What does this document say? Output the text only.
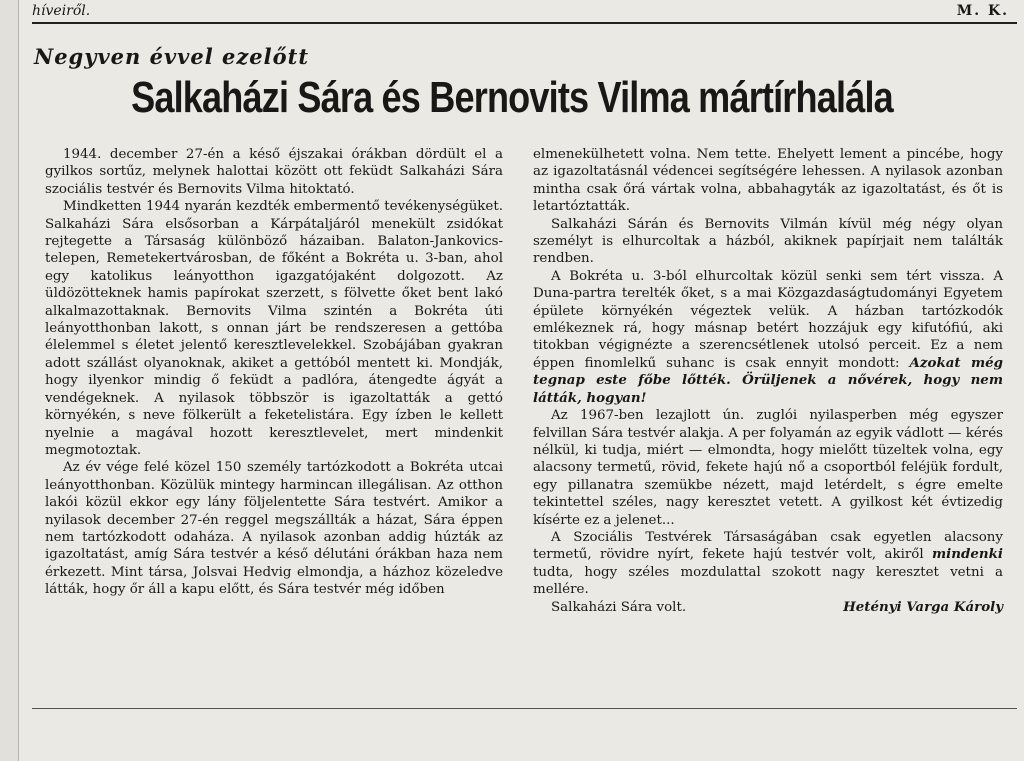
híveiről.	M. K.
Negyven évvel ezelőtt
Salkaházi Sára és Bernovits Vilma mártírhalála

1944. december 27-én a késő éjszakai órákban dördült el a gyilkos sortűz, melynek halottai között ott feküdt Salkaházi Sára szociális testvér és Bernovits Vilma hitoktató.

Mindketten 1944 nyarán kezdték embermentő tevékenységüket. Salkaházi Sára elsősorban a Kárpátaljáról menekült zsidókat rejtegette a Társaság különböző házaiban. Balaton-Jankovics-telepen, Remetekertvárosban, de főként a Bokréta u. 3-ban, ahol egy katolikus leányotthon igazgatójaként dolgozott. Az üldözötteknek hamis papírokat szerzett, s fölvette őket bent lakó alkalmazottaknak. Bernovits Vilma szintén a Bokréta úti leányotthonban lakott, s onnan járt be rendszeresen a gettóba élelemmel s életet jelentő keresztlevelekkel. Szobájában gyakran adott szállást olyanoknak, akiket a gettóból mentett ki. Mondják, hogy ilyenkor mindig ő feküdt a padlóra, átengedte ágyát a vendégeknek. A nyilasok többször is igazoltatták a gettó környékén, s neve fölkerült a feketelistára. Egy ízben le kellett nyelnie a magával hozott keresztlevelet, mert mindenkit megmotoztak.

Az év vége felé közel 150 személy tartózkodott a Bokréta utcai leányotthonban. Közülük mintegy harmincan illegálisan. Az otthon lakói közül ekkor egy lány följelentette Sára testvért. Amikor a nyilasok december 27-én reggel megszállták a házat, Sára éppen nem tartózkodott odaháza. A nyilasok azonban addig húzták az igazoltatást, amíg Sára testvér a késő délutáni órákban haza nem érkezett. Mint társa, Jolsvai Hedvig elmondja, a házhoz közeledve látták, hogy őr áll a kapu előtt, és Sára testvér még időben

elmenekülhetett volna. Nem tette. Ehelyett lement a pincébe, hogy az igazoltatásnál védencei segítségére lehessen. A nyilasok azonban mintha csak őrá vártak volna, abbahagyták az igazoltatást, és őt is letartóztatták.

Salkaházi Sárán és Bernovits Vilmán kívül még négy olyan személyt is elhurcoltak a házból, akiknek papírjait nem találták rendben.

A Bokréta u. 3-ból elhurcoltak közül senki sem tért vissza. A Duna-partra terelték őket, s a mai Közgazdaságtudományi Egyetem épülete környékén végeztek velük. A házban tartózkodók emlékeznek rá, hogy másnap betért hozzájuk egy kifutófiú, aki titokban végignézte a szerencsétlenek utolsó perceit. Ez a nem éppen finomlelkű suhanc is csak ennyit mondott: Azokat még tegnap este főbe lőtték. Örüljenek a nővérek, hogy nem látták, hogyan!

Az 1967-ben lezajlott ún. zuglói nyilasperben még egyszer felvillan Sára testvér alakja. A per folyamán az egyik vádlott — kérés nélkül, ki tudja, miért — elmondta, hogy mielőtt tüzeltek volna, egy alacsony termetű, rövid, fekete hajú nő a csoportból feléjük fordult, egy pillanatra szemükbe nézett, majd letérdelt, s égre emelte tekintettel széles, nagy keresztet vetett. A gyilkost két évtizedig kísérte ez a jelenet...

A Szociális Testvérek Társaságában csak egyetlen alacsony termetű, rövidre nyírt, fekete hajú testvér volt, akiről mindenki tudta, hogy széles mozdulattal szokott nagy keresztet vetni a mellére.

Salkaházi Sára volt.	Hetényi Varga Károly
